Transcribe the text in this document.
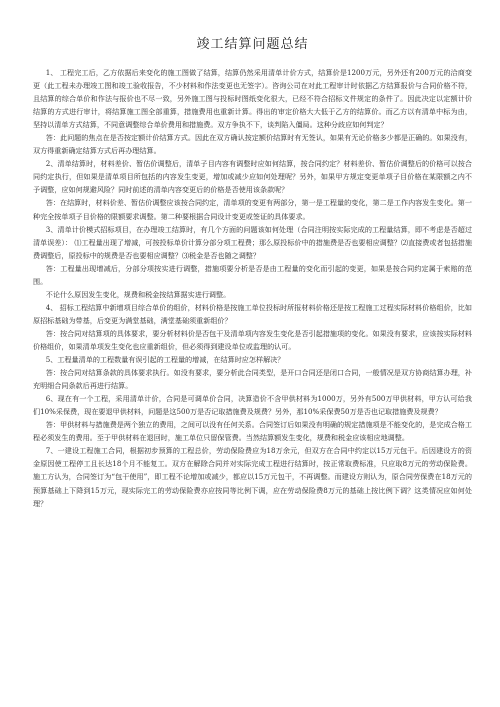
竣工结算问题总结

1、 工程完工后，乙方依据后来变化的施工图做了结算，结算仍然采用清单计价方式，结算价是1200万元，另外还有200万元的洽商变更（此工程未办理竣工图和竣工验收报告，不少材料和作法变更也无签字）。咨询公司在对此工程审计时依据乙方结算报价与合同价格不符，且结算的综合单价和作法与报价也不尽一致，另外施工图与投标时图纸变化很大，已经不符合招标文件规定的条件了。因此决定以定额计价结算的方式进行审计，将结算施工图全部重算，措施费用也重新计算。得出的审定价格大大低于乙方的结算价。而乙方以有清单中标为由，坚持以清单方式结算，不同意调整综合单价费用和措施费。双方争执不下，谈判陷入僵局。这种分歧应如何判定？

答：此问题的焦点在是否按定额计价结算方式。因此在双方确认按定额价结算时有无签认，如果有无论价格多少都是正确的。如果没有，双方得重新确定结算方式后再办理结算。

2、清单结算时，材料差价、暂估价调整后，清单子目内容有调整时应如何结算，按合同约定？材料差价、暂估价调整后的价格可以按合同约定执行，但如果是清单项目所包括的内容发生变更，增加或减少应如何处理呢？另外，如果甲方规定变更单项子目价格在某限额之内不予调整，应如何规避风险？同时前述的清单内容变更后的价格是否使用该条款呢？

答：在结算时，材料价差、暂估价调整应该按合同约定，清单项的变更有两部分，第一是工程量的变化，第二是工作内容发生变化。第一种完全按单项子目价格的限额要求调整。第二种要根据合同设计变更或签证的具体要求。

3、清单计价模式招标项目，在办理竣工结算时，有几个方面的问题该如何处理（合同注明按实际完成的工程量结算，即不考虑是否超过清单误差）： ⑴工程量出现了增减，可按投标单价计算分部分项工程费；那么原投标价中的措施费是否也要相应调整？⑵直接费或者包括措施费调整后，原投标中的规费是否也要相应调整？⑶税金是否也随之调整？

答：工程量出现增减后，分部分项按实进行调整，措施项要分析是否是由工程量的变化而引起的变更，如果是按合同约定属于索赔的范围。

不论什么原因发生变化，规费和税金按结算据实进行调整。

4、 招标工程结算中新增项目综合单价的组价，材料价格是按施工单位投标时所报材料价格还是按工程施工过程实际材料价格组价，比如原招标基础为带基，后变更为满堂基础，满堂基础须重新组价？

答：按合同对结算项的具体要求，要分析材料价是否包干及清单项内容发生变化是否引起措施项的变化。如果没有要求，应该按实际材料价格组价，如果清单项发生变化也应重新组价，但必须得到建设单位或监理的认可。

5、工程量清单的工程数量有误引起的工程量的增减，在结算时应怎样解决？

答：按合同对结算条款的具体要求执行。如没有要求，要分析此合同类型，是开口合同还是闭口合同，一般情况是双方协商结算办理，补充明细合同条款后再进行结算。

6、现在有一个工程，采用清单计价，合同是可调单价合同，决算造价不含甲供材料为1000万，另外有500万甲供材料，甲方认可给我们10%采保费，现在要退甲供材料，问题是这500万是否记取措施费及规费？另外，那10%采保费50万是否也记取措施费及规费？

答：甲供材料与措施费是两个独立的费用，之间可以没有任何关系。合同签订后如果没有明确的规定措施项是不能变化的，是完成合格工程必须发生的费用。至于甲供材料在退回时，施工单位只留保管费。当然结算额发生变化，规费和税金应该相应地调整。

7、一建设工程施工合同，根据初步预算的工程总价，劳动保险费应为18万余元，但双方在合同中约定以15万元包干。后因建设方的资金原因使工程停工且长达18个月不能复工。双方在解除合同并对实际完成工程进行结算时，按正常取费标准，只应取8万元的劳动保险费。施工方认为，合同签订为“包干使用”，即工程不论增加或减少，都应以15万元包干，不再调整。而建设方则认为，原合同劳保费在18万元的预算基础上下降到15万元，现实际完工的劳动保险费亦应按同等比例下调，应在劳动保险费8万元的基础上按比例下调？这类情况应如何处理？
